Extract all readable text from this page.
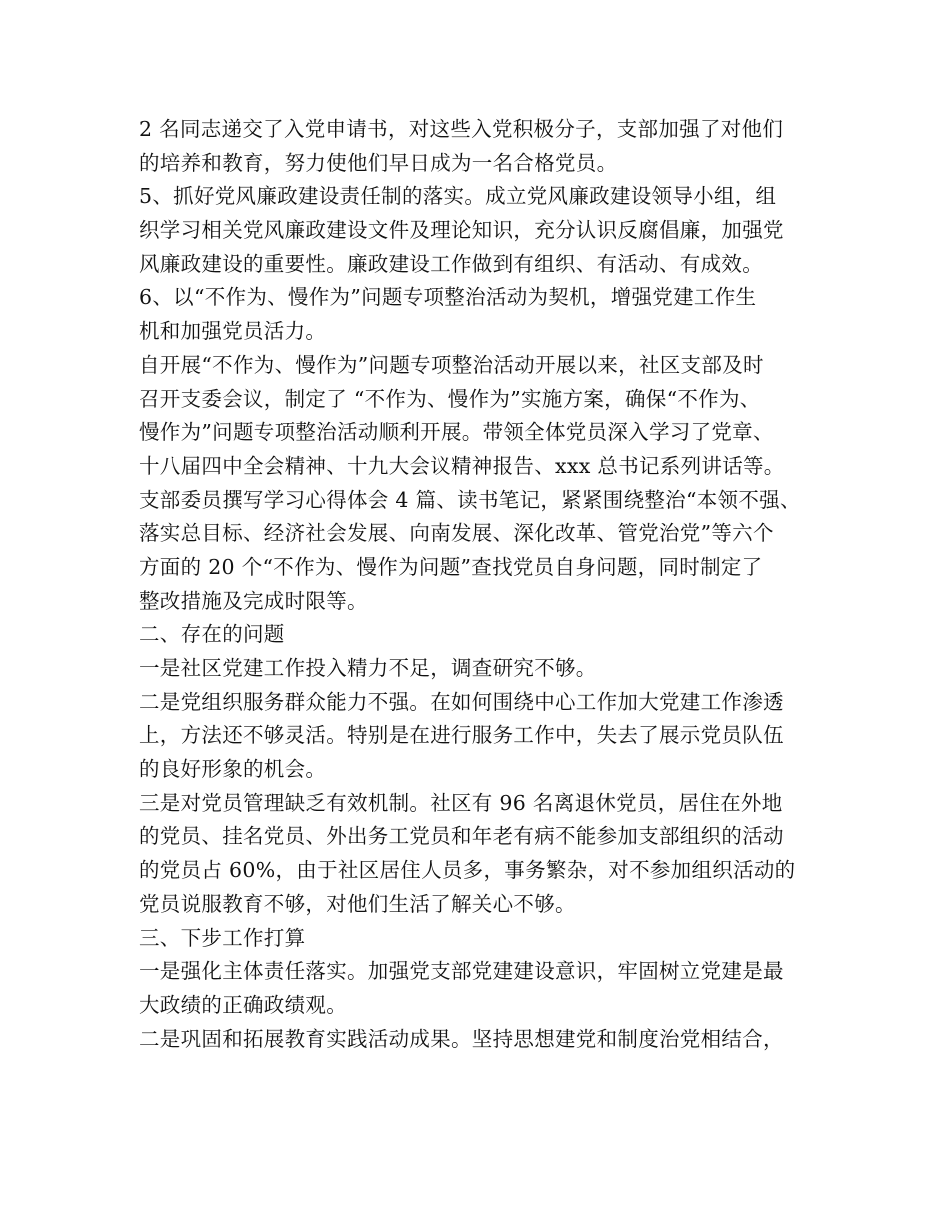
2 名同志递交了入党申请书，对这些入党积极分子，支部加强了对他们
的培养和教育，努力使他们早日成为一名合格党员。
5、抓好党风廉政建设责任制的落实。成立党风廉政建设领导小组，组
织学习相关党风廉政建设文件及理论知识，充分认识反腐倡廉，加强党
风廉政建设的重要性。廉政建设工作做到有组织、有活动、有成效。
6、以“不作为、慢作为”问题专项整治活动为契机，增强党建工作生
机和加强党员活力。
自开展“不作为、慢作为”问题专项整治活动开展以来，社区支部及时
召开支委会议，制定了 “不作为、慢作为”实施方案，确保“不作为、
慢作为”问题专项整治活动顺利开展。带领全体党员深入学习了党章、
十八届四中全会精神、十九大会议精神报告、xxx 总书记系列讲话等。
支部委员撰写学习心得体会 4 篇、读书笔记，紧紧围绕整治“本领不强、
落实总目标、经济社会发展、向南发展、深化改革、管党治党”等六个
方面的 20 个“不作为、慢作为问题”查找党员自身问题，同时制定了
整改措施及完成时限等。
二、存在的问题
一是社区党建工作投入精力不足，调查研究不够。
二是党组织服务群众能力不强。在如何围绕中心工作加大党建工作渗透
上，方法还不够灵活。特别是在进行服务工作中，失去了展示党员队伍
的良好形象的机会。
三是对党员管理缺乏有效机制。社区有 96 名离退休党员，居住在外地
的党员、挂名党员、外出务工党员和年老有病不能参加支部组织的活动
的党员占 60%，由于社区居住人员多，事务繁杂，对不参加组织活动的
党员说服教育不够，对他们生活了解关心不够。
三、下步工作打算
一是强化主体责任落实。加强党支部党建建设意识，牢固树立党建是最
大政绩的正确政绩观。
二是巩固和拓展教育实践活动成果。坚持思想建党和制度治党相结合，
